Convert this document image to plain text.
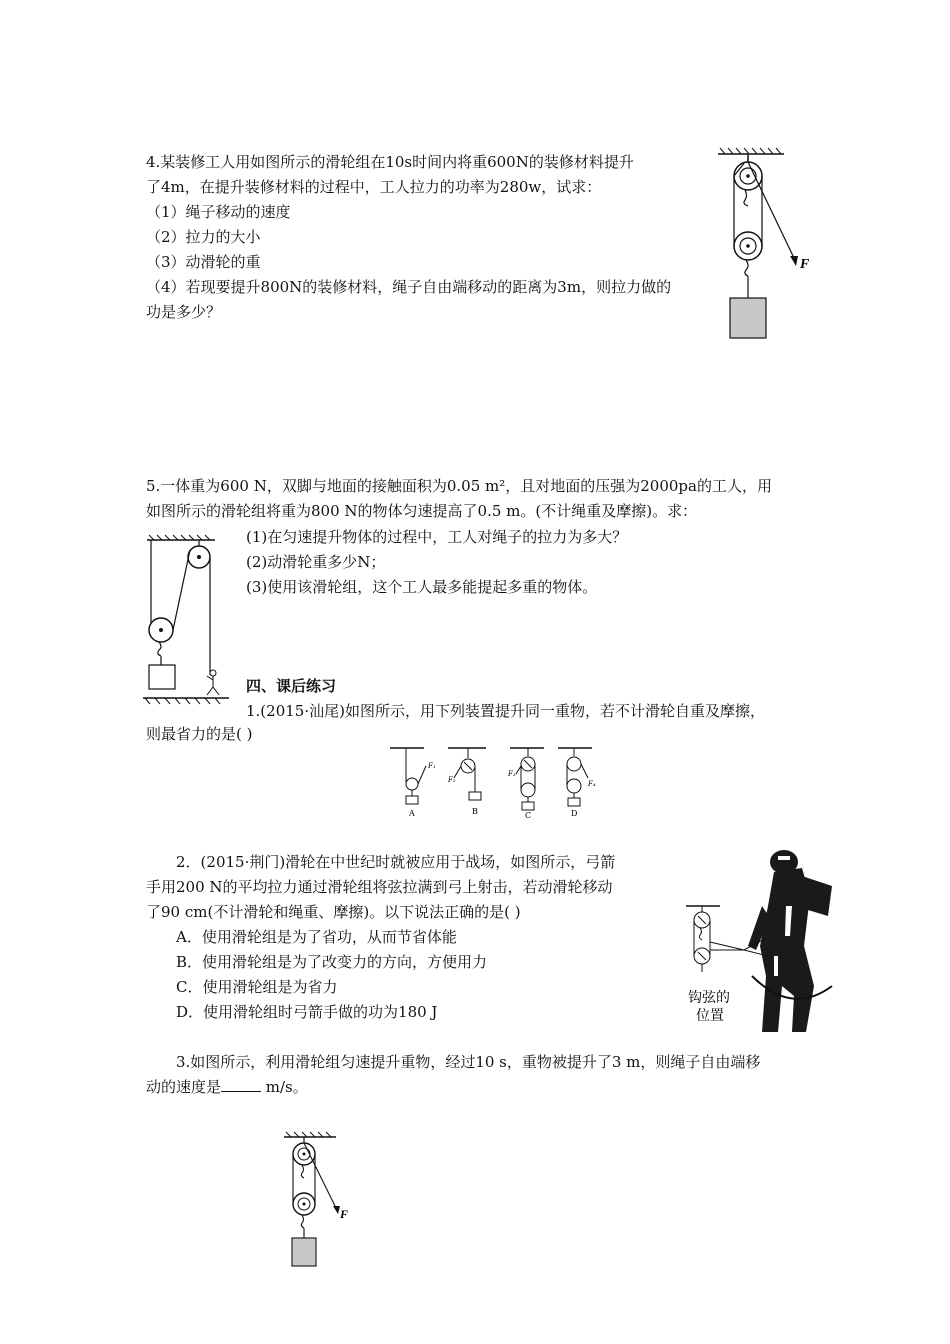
4.某装修工人用如图所示的滑轮组在10s时间内将重600N的装修材料提升
了4m，在提升装修材料的过程中，工人拉力的功率为280w，试求：
（1）绳子移动的速度
（2）拉力的大小
（3）动滑轮的重
（4）若现要提升800N的装修材料，绳子自由端移动的距离为3m，则拉力做的
功是多少？
F
5.一体重为600 N，双脚与地面的接触面积为0.05 m²，且对地面的压强为2000pa的工人，用
如图所示的滑轮组将重为800 N的物体匀速提高了0.5 m。(不计绳重及摩擦)。求：
(1)在匀速提升物体的过程中，工人对绳子的拉力为多大？
(2)动滑轮重多少N；
(3)使用该滑轮组，这个工人最多能提起多重的物体。
四、课后练习
1.(2015·汕尾)如图所示，用下列装置提升同一重物，若不计滑轮自重及摩擦，
则最省力的是( )
F₁
F₂
F₃
F₄
A	B	C	D
2．(2015·荆门)滑轮在中世纪时就被应用于战场，如图所示，弓箭
手用200 N的平均拉力通过滑轮组将弦拉满到弓上射击，若动滑轮移动
了90 cm(不计滑轮和绳重、摩擦)。以下说法正确的是( )
A．使用滑轮组是为了省功，从而节省体能
B．使用滑轮组是为了改变力的方向，方便用力
C．使用滑轮组是为省力
D．使用滑轮组时弓箭手做的功为180 J
钩弦的
位置
3.如图所示，利用滑轮组匀速提升重物，经过10 s，重物被提升了3 m，则绳子自由端移
动的速度是	m/s。
F
